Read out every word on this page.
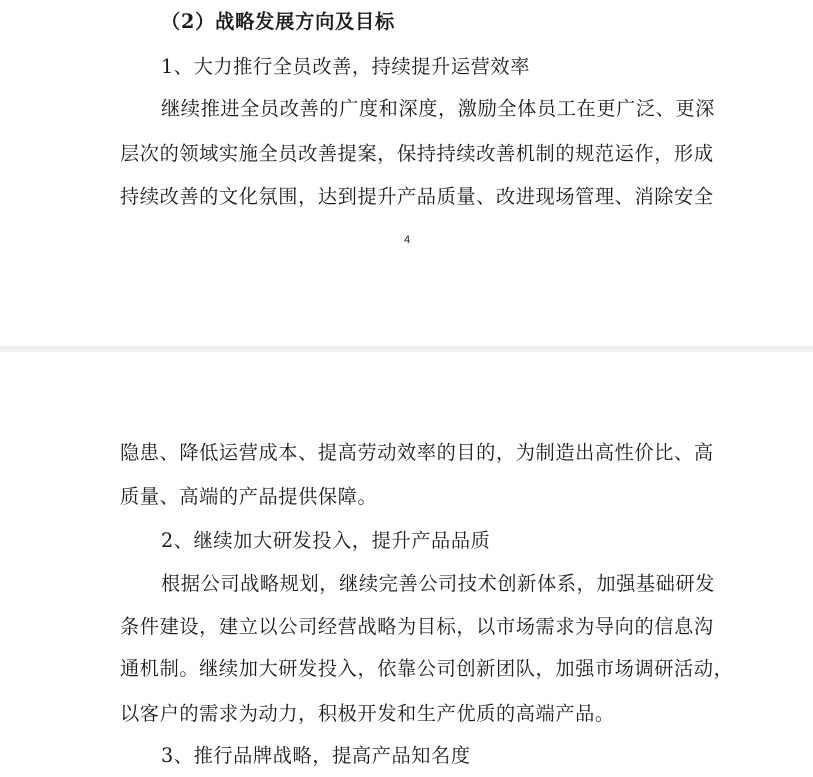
（2）战略发展方向及目标
1、大力推行全员改善，持续提升运营效率
继续推进全员改善的广度和深度，激励全体员工在更广泛、更深
层次的领域实施全员改善提案，保持持续改善机制的规范运作，形成
持续改善的文化氛围，达到提升产品质量、改进现场管理、消除安全
4
隐患、降低运营成本、提高劳动效率的目的，为制造出高性价比、高
质量、高端的产品提供保障。
2、继续加大研发投入，提升产品品质
根据公司战略规划，继续完善公司技术创新体系，加强基础研发
条件建设，建立以公司经营战略为目标，以市场需求为导向的信息沟
通机制。继续加大研发投入，依靠公司创新团队，加强市场调研活动，
以客户的需求为动力，积极开发和生产优质的高端产品。
3、推行品牌战略，提高产品知名度
